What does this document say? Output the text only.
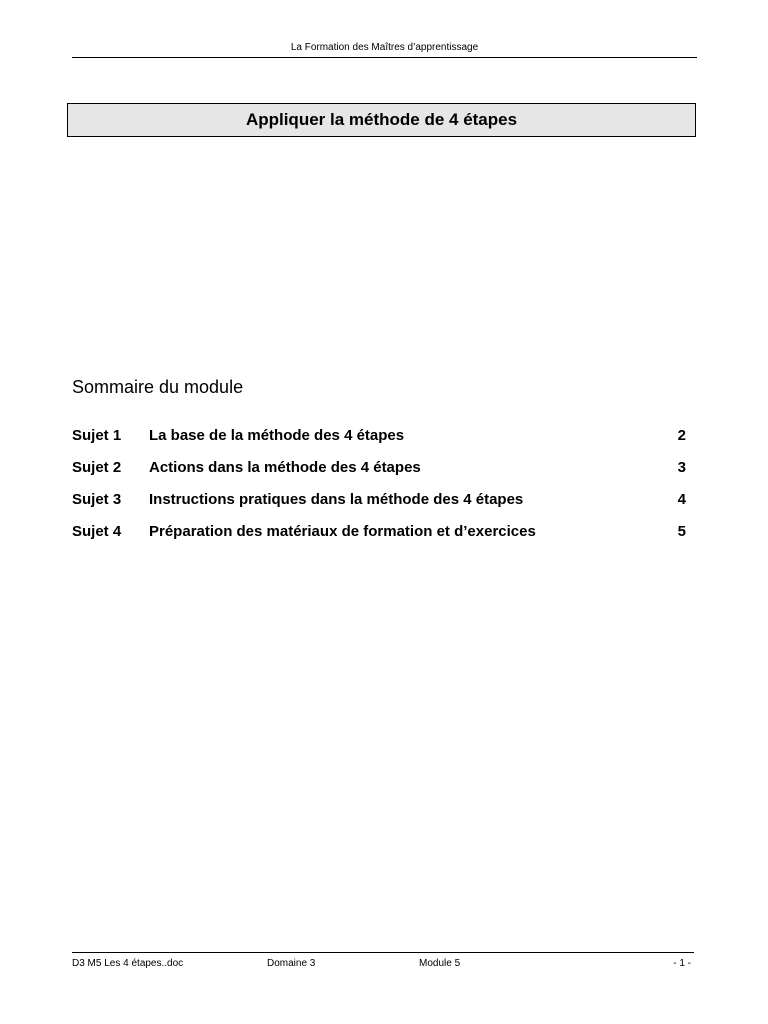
La Formation des Maîtres d’apprentissage
Appliquer la méthode de 4 étapes
Sommaire du module
Sujet 1	La base de la méthode des 4 étapes	2
Sujet 2	Actions dans la méthode des 4 étapes	3
Sujet 3	Instructions pratiques dans la méthode des 4 étapes	4
Sujet 4	Préparation des matériaux de formation et d’exercices	5
D3 M5 Les 4 étapes..doc	Domaine 3	Module 5	- 1 -
